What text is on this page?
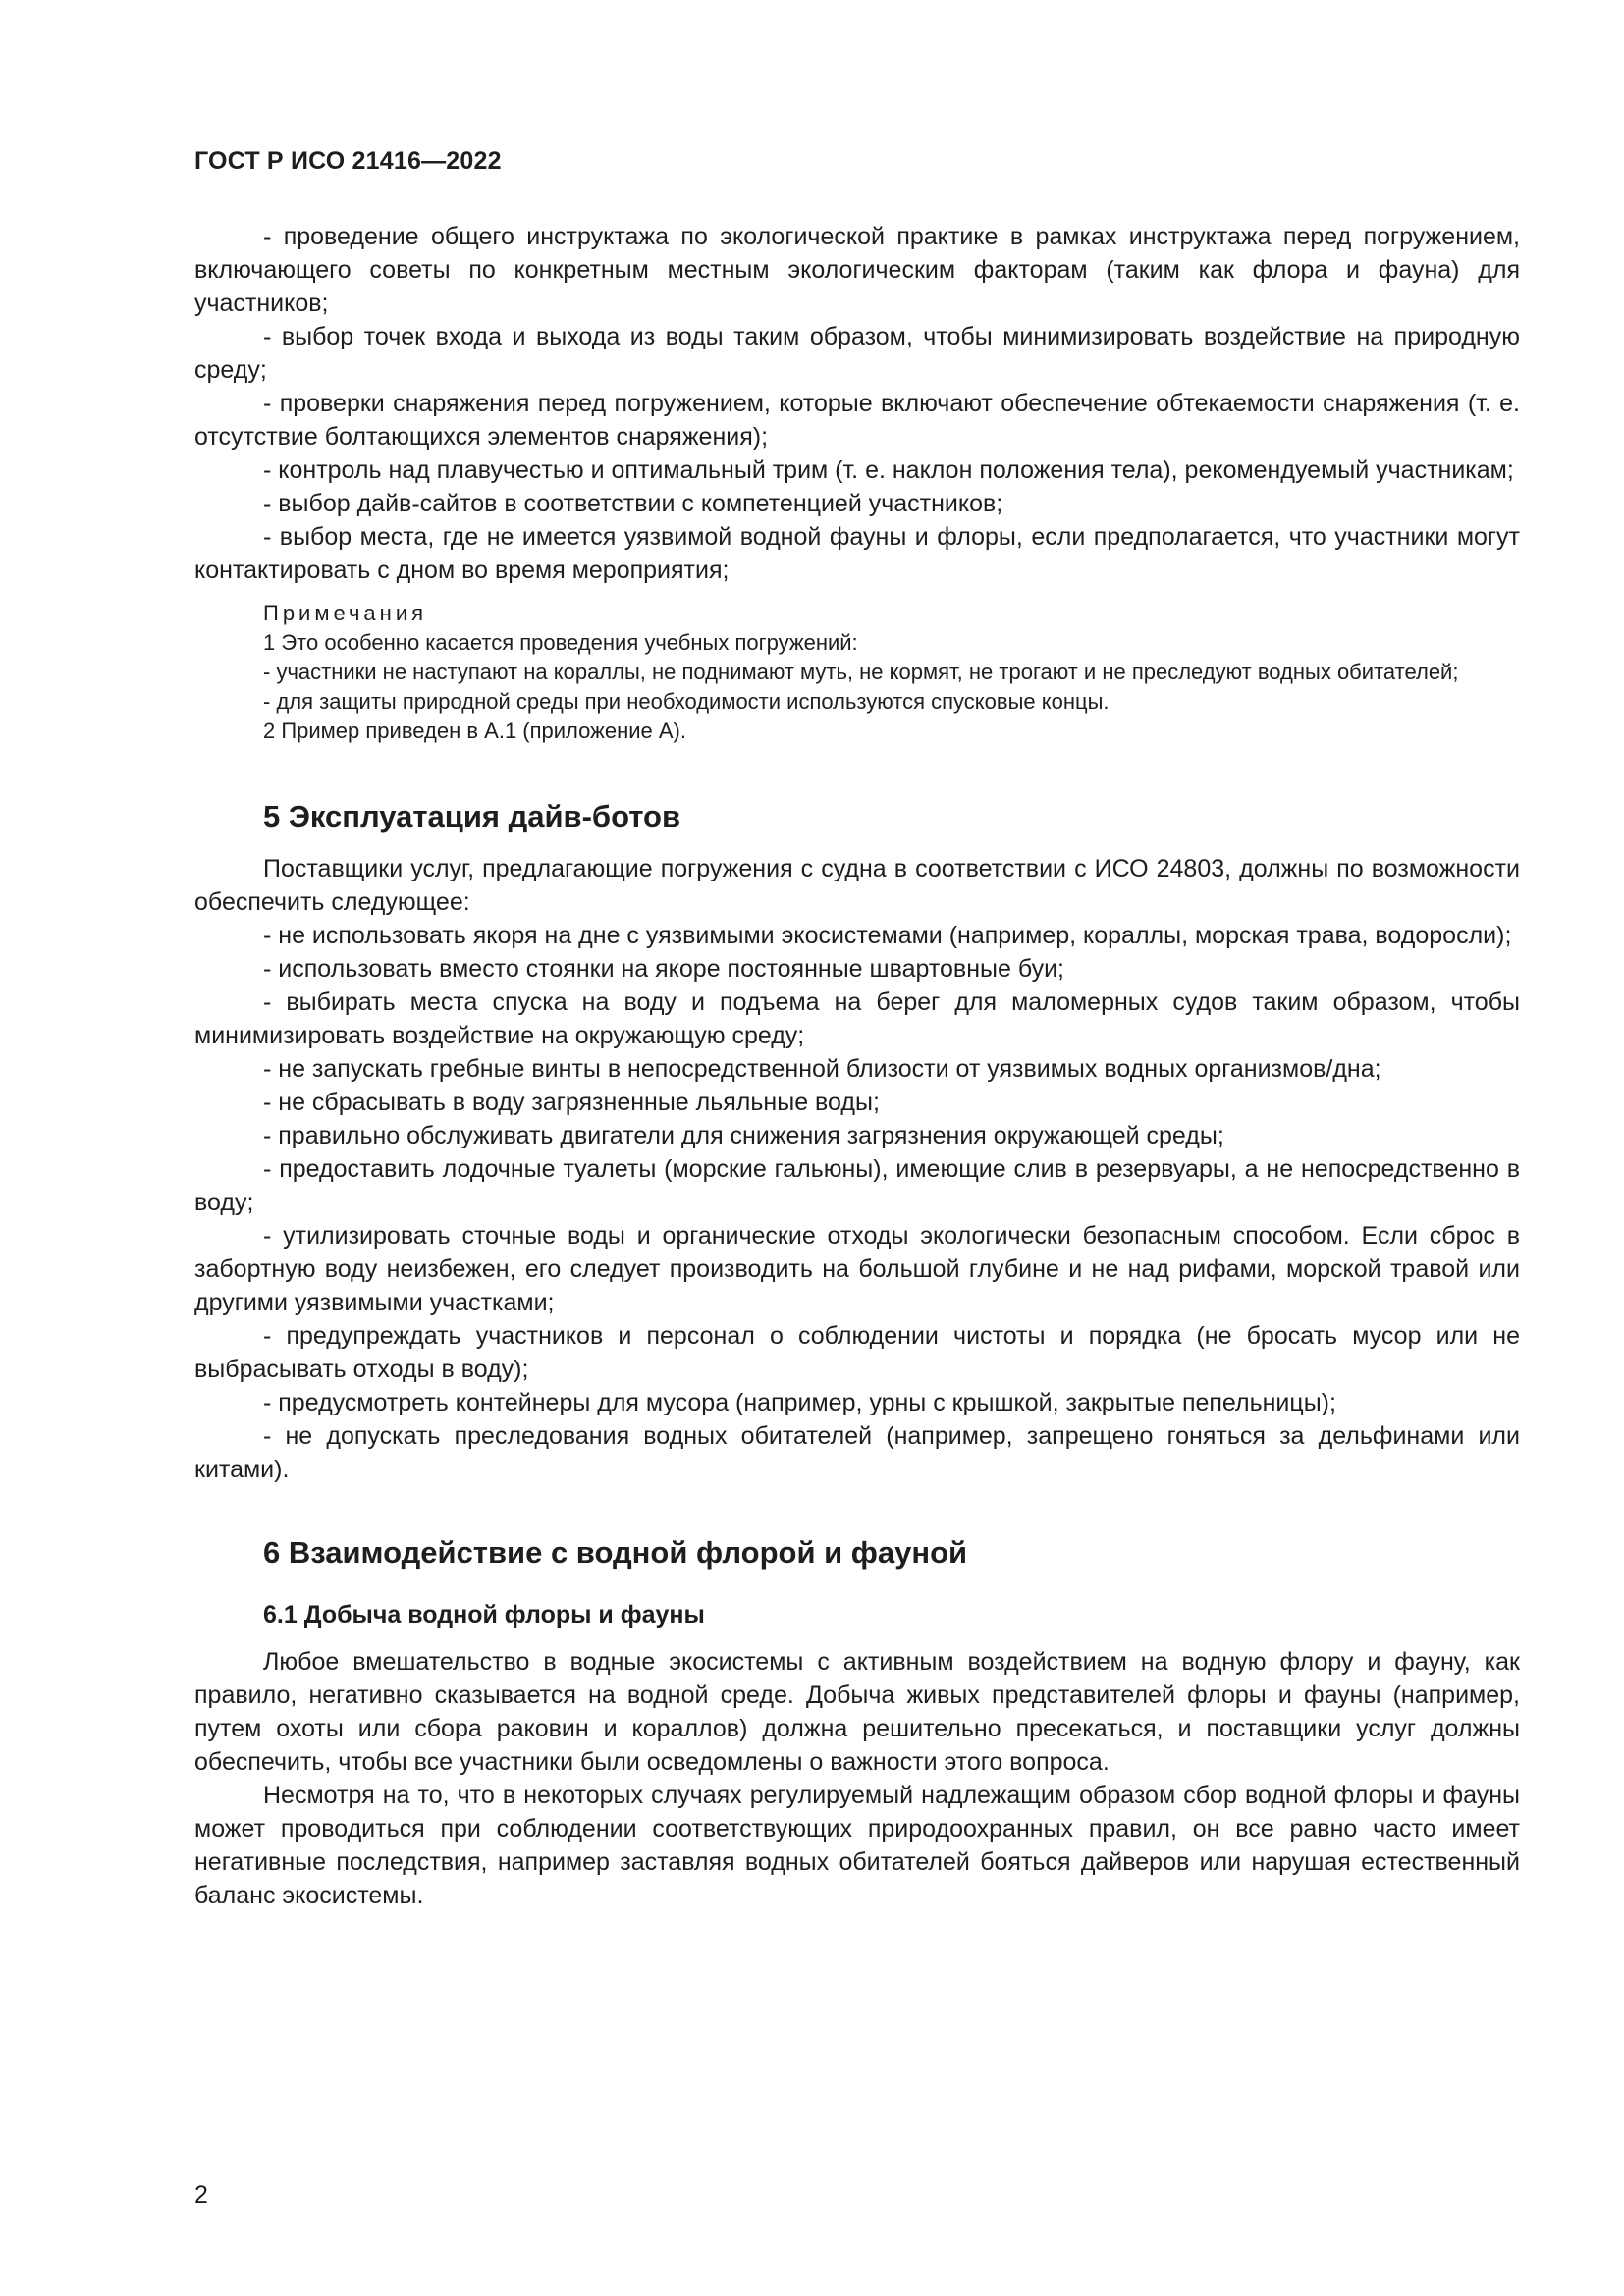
ГОСТ Р ИСО 21416—2022

- проведение общего инструктажа по экологической практике в рамках инструктажа перед погружением, включающего советы по конкретным местным экологическим факторам (таким как флора и фауна) для участников;

- выбор точек входа и выхода из воды таким образом, чтобы минимизировать воздействие на природную среду;

- проверки снаряжения перед погружением, которые включают обеспечение обтекаемости снаряжения (т. е. отсутствие болтающихся элементов снаряжения);

- контроль над плавучестью и оптимальный трим (т. е. наклон положения тела), рекомендуемый участникам;

- выбор дайв-сайтов в соответствии с компетенцией участников;

- выбор места, где не имеется уязвимой водной фауны и флоры, если предполагается, что участники могут контактировать с дном во время мероприятия;

Примечания

1 Это особенно касается проведения учебных погружений:

- участники не наступают на кораллы, не поднимают муть, не кормят, не трогают и не преследуют водных обитателей;

- для защиты природной среды при необходимости используются спусковые концы.

2 Пример приведен в А.1 (приложение А).

5 Эксплуатация дайв-ботов

Поставщики услуг, предлагающие погружения с судна в соответствии с ИСО 24803, должны по возможности обеспечить следующее:

- не использовать якоря на дне с уязвимыми экосистемами (например, кораллы, морская трава, водоросли);

- использовать вместо стоянки на якоре постоянные швартовные буи;

- выбирать места спуска на воду и подъема на берег для маломерных судов таким образом, чтобы минимизировать воздействие на окружающую среду;

- не запускать гребные винты в непосредственной близости от уязвимых водных организмов/дна;

- не сбрасывать в воду загрязненные льяльные воды;

- правильно обслуживать двигатели для снижения загрязнения окружающей среды;

- предоставить лодочные туалеты (морские гальюны), имеющие слив в резервуары, а не непосредственно в воду;

- утилизировать сточные воды и органические отходы экологически безопасным способом. Если сброс в забортную воду неизбежен, его следует производить на большой глубине и не над рифами, морской травой или другими уязвимыми участками;

- предупреждать участников и персонал о соблюдении чистоты и порядка (не бросать мусор или не выбрасывать отходы в воду);

- предусмотреть контейнеры для мусора (например, урны с крышкой, закрытые пепельницы);

- не допускать преследования водных обитателей (например, запрещено гоняться за дельфинами или китами).

6 Взаимодействие с водной флорой и фауной
6.1 Добыча водной флоры и фауны

Любое вмешательство в водные экосистемы с активным воздействием на водную флору и фауну, как правило, негативно сказывается на водной среде. Добыча живых представителей флоры и фауны (например, путем охоты или сбора раковин и кораллов) должна решительно пресекаться, и поставщики услуг должны обеспечить, чтобы все участники были осведомлены о важности этого вопроса.

Несмотря на то, что в некоторых случаях регулируемый надлежащим образом сбор водной флоры и фауны может проводиться при соблюдении соответствующих природоохранных правил, он все равно часто имеет негативные последствия, например заставляя водных обитателей бояться дайверов или нарушая естественный баланс экосистемы.

2
